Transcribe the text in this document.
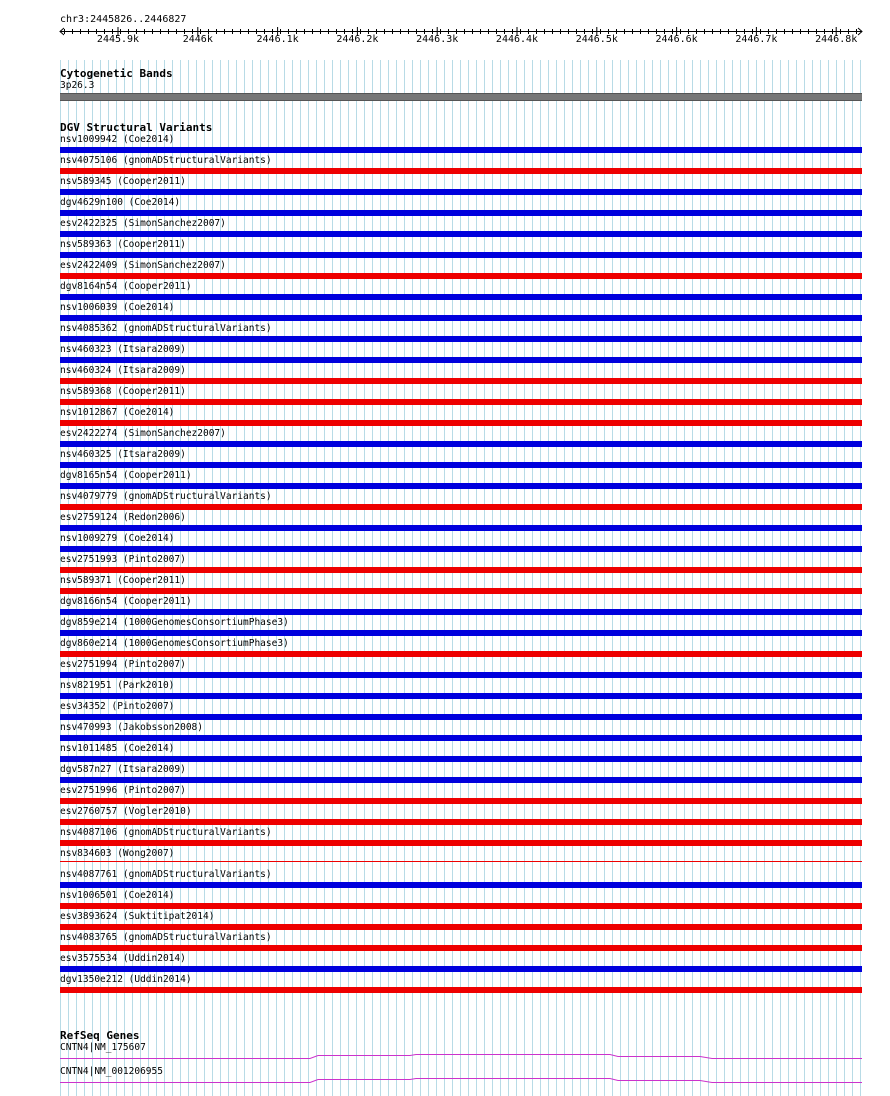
chr3:2445826..2446827
2445.9k	2446k	2446.1k	2446.2k	2446.3k	2446.4k	2446.5k	2446.6k	2446.7k	2446.8k
Cytogenetic Bands
3p26.3
DGV Structural Variants
nsv1009942 (Coe2014)
nsv4075106 (gnomADStructuralVariants)
nsv589345 (Cooper2011)
dgv4629n100 (Coe2014)
esv2422325 (SimonSanchez2007)
nsv589363 (Cooper2011)
esv2422409 (SimonSanchez2007)
dgv8164n54 (Cooper2011)
nsv1006039 (Coe2014)
nsv4085362 (gnomADStructuralVariants)
nsv460323 (Itsara2009)
nsv460324 (Itsara2009)
nsv589368 (Cooper2011)
nsv1012867 (Coe2014)
esv2422274 (SimonSanchez2007)
nsv460325 (Itsara2009)
dgv8165n54 (Cooper2011)
nsv4079779 (gnomADStructuralVariants)
esv2759124 (Redon2006)
nsv1009279 (Coe2014)
esv2751993 (Pinto2007)
nsv589371 (Cooper2011)
dgv8166n54 (Cooper2011)
dgv859e214 (1000GenomesConsortiumPhase3)
dgv860e214 (1000GenomesConsortiumPhase3)
esv2751994 (Pinto2007)
nsv821951 (Park2010)
esv34352 (Pinto2007)
nsv470993 (Jakobsson2008)
nsv1011485 (Coe2014)
dgv587n27 (Itsara2009)
esv2751996 (Pinto2007)
esv2760757 (Vogler2010)
nsv4087106 (gnomADStructuralVariants)
nsv834603 (Wong2007)
nsv4087761 (gnomADStructuralVariants)
nsv1006501 (Coe2014)
esv3893624 (Suktitipat2014)
nsv4083765 (gnomADStructuralVariants)
esv3575534 (Uddin2014)
dgv1350e212 (Uddin2014)
RefSeq Genes
CNTN4|NM_175607
CNTN4|NM_001206955
